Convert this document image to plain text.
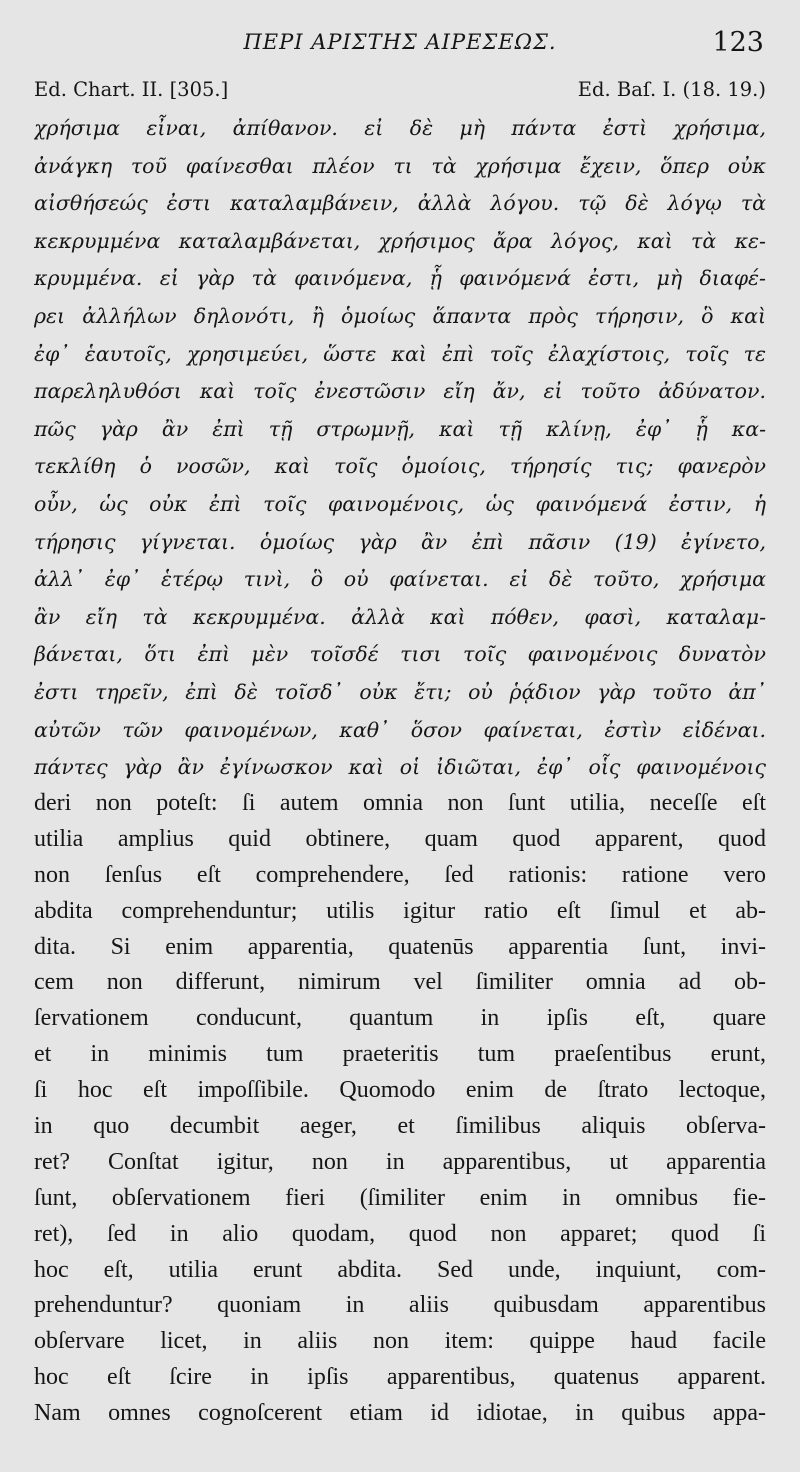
ΠΕΡΙ ΑΡΙΣΤΗΣ ΑΙΡΕΣΕΩΣ.	123
Ed. Chart. II. [305.]	Ed. Baſ. I. (18. 19.)
χρήσιμα εἶναι, ἀπίθανον. εἰ δὲ μὴ πάντα ἐστὶ χρήσιμα,
ἀνάγκη τοῦ φαίνεσθαι πλέον τι τὰ χρήσιμα ἔχειν, ὅπερ οὐκ
αἰσθήσεώς ἐστι καταλαμβάνειν, ἀλλὰ λόγου. τῷ δὲ λόγῳ τὰ
κεκρυμμένα καταλαμβάνεται, χρήσιμος ἄρα λόγος, καὶ τὰ κε-
κρυμμένα. εἰ γὰρ τὰ φαινόμενα, ᾗ φαινόμενά ἐστι, μὴ διαφέ-
ρει ἀλλήλων δηλονότι, ἢ ὁμοίως ἅπαντα πρὸς τήρησιν, ὃ καὶ
ἐφ᾽ ἑαυτοῖς, χρησιμεύει, ὥστε καὶ ἐπὶ τοῖς ἐλαχίστοις, τοῖς τε
παρεληλυθόσι καὶ τοῖς ἐνεστῶσιν εἴη ἄν, εἰ τοῦτο ἀδύνατον.
πῶς γὰρ ἂν ἐπὶ τῇ στρωμνῇ, καὶ τῇ κλίνῃ, ἐφ᾽ ᾗ κα-
τεκλίθη ὁ νοσῶν, καὶ τοῖς ὁμοίοις, τήρησίς τις; φανερὸν
οὖν, ὡς οὐκ ἐπὶ τοῖς φαινομένοις, ὡς φαινόμενά ἐστιν, ἡ
τήρησις γίγνεται. ὁμοίως γὰρ ἂν ἐπὶ πᾶσιν (19) ἐγίνετο,
ἀλλ᾽ ἐφ᾽ ἑτέρῳ τινὶ, ὃ οὐ φαίνεται. εἰ δὲ τοῦτο, χρήσιμα
ἂν εἴη τὰ κεκρυμμένα. ἀλλὰ καὶ πόθεν, φασὶ, καταλαμ-
βάνεται, ὅτι ἐπὶ μὲν τοῖσδέ τισι τοῖς φαινομένοις δυνατὸν
ἐστι τηρεῖν, ἐπὶ δὲ τοῖσδ᾽ οὐκ ἔτι; οὐ ῥᾴδιον γὰρ τοῦτο ἀπ᾽
αὐτῶν τῶν φαινομένων, καθ᾽ ὅσον φαίνεται, ἐστὶν εἰδέναι.
πάντες γὰρ ἂν ἐγίνωσκον καὶ οἱ ἰδιῶται, ἐφ᾽ οἷς φαινομένοις
deri non poteſt: ſi autem omnia non ſunt utilia, neceſſe eſt
utilia amplius quid obtinere, quam quod apparent, quod
non ſenſus eſt comprehendere, ſed rationis: ratione vero
abdita comprehenduntur; utilis igitur ratio eſt ſimul et ab-
dita. Si enim apparentia, quatenūs apparentia ſunt, invi-
cem non differunt, nimirum vel ſimiliter omnia ad ob-
ſervationem conducunt, quantum in ipſis eſt, quare
et in minimis tum praeteritis tum praeſentibus erunt,
ſi hoc eſt impoſſibile. Quomodo enim de ſtrato lectoque,
in quo decumbit aeger, et ſimilibus aliquis obſerva-
ret? Conſtat igitur, non in apparentibus, ut apparentia
ſunt, obſervationem fieri (ſimiliter enim in omnibus fie-
ret), ſed in alio quodam, quod non apparet; quod ſi
hoc eſt, utilia erunt abdita. Sed unde, inquiunt, com-
prehenduntur? quoniam in aliis quibusdam apparentibus
obſervare licet, in aliis non item: quippe haud facile
hoc eſt ſcire in ipſis apparentibus, quatenus apparent.
Nam omnes cognoſcerent etiam id idiotae, in quibus appa-
